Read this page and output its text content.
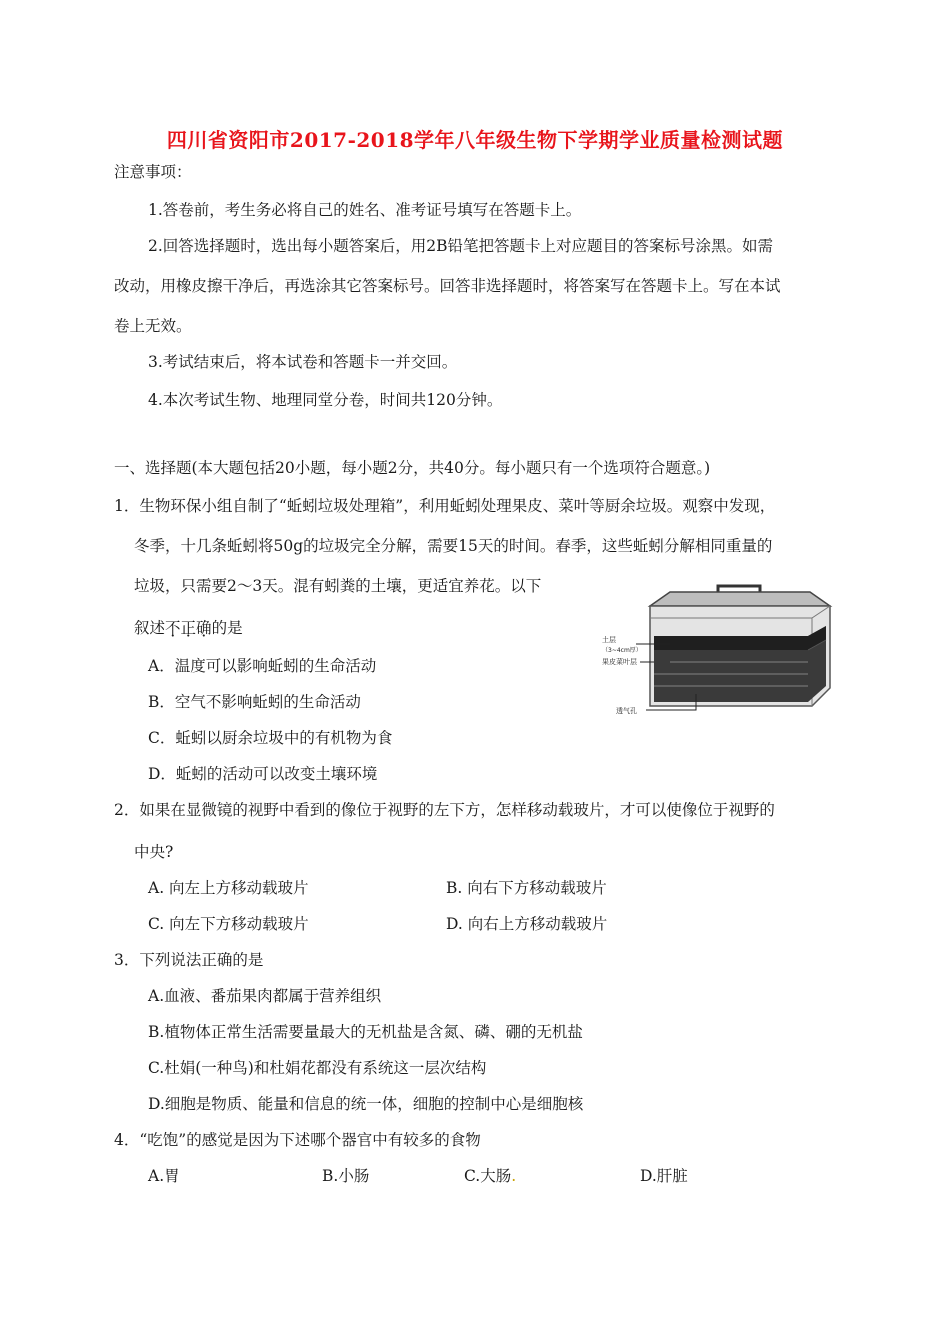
四川省资阳市2017-2018学年八年级生物下学期学业质量检测试题
注意事项：
1.答卷前，考生务必将自己的姓名、准考证号填写在答题卡上。
2.回答选择题时，选出每小题答案后，用2B铅笔把答题卡上对应题目的答案标号涂黑。如需
改动，用橡皮擦干净后，再选涂其它答案标号。回答非选择题时，将答案写在答题卡上。写在本试
卷上无效。
3.考试结束后，将本试卷和答题卡一并交回。
4.本次考试生物、地理同堂分卷，时间共120分钟。
一、选择题(本大题包括20小题，每小题2分，共40分。每小题只有一个选项符合题意。)
1．生物环保小组自制了“蚯蚓垃圾处理箱”，利用蚯蚓处理果皮、菜叶等厨余垃圾。观察中发现，
冬季，十几条蚯蚓将50g的垃圾完全分解，需要15天的时间。春季，这些蚯蚓分解相同重量的
垃圾，只需要2～3天。混有蚓粪的土壤，更适宜养花。以下
叙述不正确的是
A．温度可以影响蚯蚓的生命活动
B．空气不影响蚯蚓的生命活动
C．蚯蚓以厨余垃圾中的有机物为食
D．蚯蚓的活动可以改变土壤环境
土层
（3~4cm厚）
果皮菜叶层
透气孔
2．如果在显微镜的视野中看到的像位于视野的左下方，怎样移动载玻片，才可以使像位于视野的
中央?
A. 向左上方移动载玻片	B. 向右下方移动载玻片
C. 向左下方移动载玻片	D. 向右上方移动载玻片
3．下列说法正确的是
A.血液、番茄果肉都属于营养组织
B.植物体正常生活需要量最大的无机盐是含氮、磷、硼的无机盐
C.杜娟(一种鸟)和杜娟花都没有系统这一层次结构
D.细胞是物质、能量和信息的统一体，细胞的控制中心是细胞核
4．“吃饱”的感觉是因为下述哪个器官中有较多的食物
A.胃	B.小肠	C.大肠.	D.肝脏
